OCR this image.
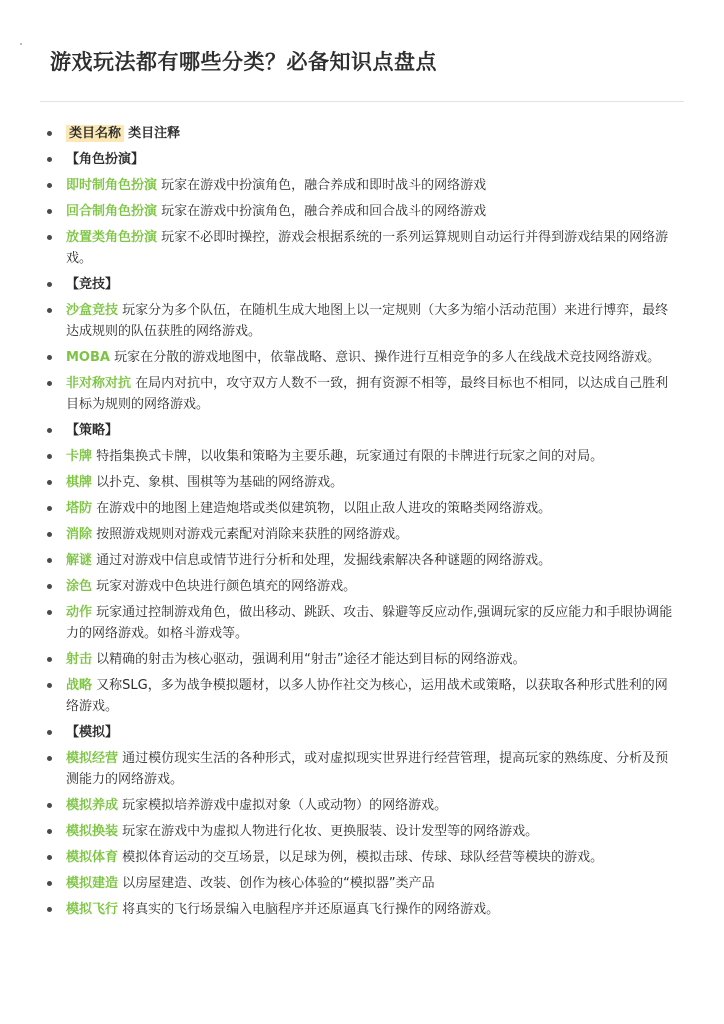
游戏玩法都有哪些分类？必备知识点盘点
类目名称 类目注释
【角色扮演】
即时制角色扮演 玩家在游戏中扮演角色，融合养成和即时战斗的网络游戏
回合制角色扮演 玩家在游戏中扮演角色，融合养成和回合战斗的网络游戏
放置类角色扮演 玩家不必即时操控，游戏会根据系统的一系列运算规则自动运行并得到游戏结果的网络游戏。
【竞技】
沙盒竞技 玩家分为多个队伍，在随机生成大地图上以一定规则（大多为缩小活动范围）来进行博弈，最终达成规则的队伍获胜的网络游戏。
MOBA 玩家在分散的游戏地图中，依靠战略、意识、操作进行互相竞争的多人在线战术竞技网络游戏。
非对称对抗 在局内对抗中，攻守双方人数不一致，拥有资源不相等，最终目标也不相同，以达成自己胜利目标为规则的网络游戏。
【策略】
卡牌 特指集换式卡牌，以收集和策略为主要乐趣，玩家通过有限的卡牌进行玩家之间的对局。
棋牌 以扑克、象棋、围棋等为基础的网络游戏。
塔防 在游戏中的地图上建造炮塔或类似建筑物，以阻止敌人进攻的策略类网络游戏。
消除 按照游戏规则对游戏元素配对消除来获胜的网络游戏。
解谜 通过对游戏中信息或情节进行分析和处理，发掘线索解决各种谜题的网络游戏。
涂色 玩家对游戏中色块进行颜色填充的网络游戏。
动作 玩家通过控制游戏角色，做出移动、跳跃、攻击、躲避等反应动作,强调玩家的反应能力和手眼协调能力的网络游戏。如格斗游戏等。
射击 以精确的射击为核心驱动，强调利用“射击”途径才能达到目标的网络游戏。
战略 又称SLG，多为战争模拟题材，以多人协作社交为核心，运用战术或策略，以获取各种形式胜利的网络游戏。
【模拟】
模拟经营 通过模仿现实生活的各种形式，或对虚拟现实世界进行经营管理，提高玩家的熟练度、分析及预测能力的网络游戏。
模拟养成 玩家模拟培养游戏中虚拟对象（人或动物）的网络游戏。
模拟换装 玩家在游戏中为虚拟人物进行化妆、更换服装、设计发型等的网络游戏。
模拟体育 模拟体育运动的交互场景，以足球为例，模拟击球、传球、球队经营等模块的游戏。
模拟建造 以房屋建造、改装、创作为核心体验的“模拟器”类产品
模拟飞行 将真实的飞行场景编入电脑程序并还原逼真飞行操作的网络游戏。
